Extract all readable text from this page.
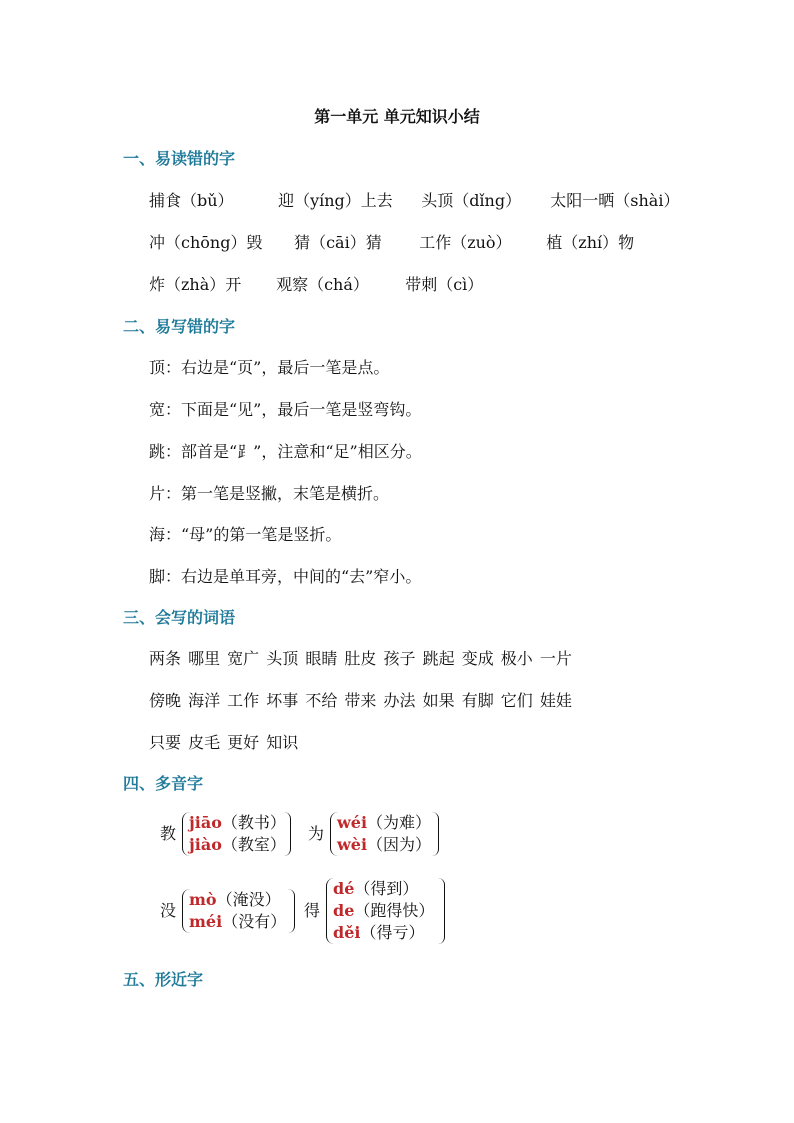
第一单元 单元知识小结
一、易读错的字
捕食（bǔ）	迎（yíng）上去 头顶（dǐng） 太阳一晒（shài）
冲（chōng）毁 猜（cāi）猜 工作（zuò） 植（zhí）物
炸（zhà）开 观察（chá） 带刺（cì）
二、易写错的字
顶：右边是“页”，最后一笔是点。
宽：下面是“见”，最后一笔是竖弯钩。
跳：部首是“⻊”，注意和“足”相区分。
片：第一笔是竖撇，末笔是横折。
海：“母”的第一笔是竖折。
脚：右边是单耳旁，中间的“去”窄小。
三、会写的词语
两条 哪里 宽广 头顶 眼睛 肚皮 孩子 跳起 变成 极小 一片
傍晚 海洋 工作 坏事 不给 带来 办法 如果 有脚 它们 娃娃
只要 皮毛 更好 知识
四、多音字
教
jiāo（教书）
jiào（教室）
为
wéi（为难）
wèi（因为）
没
mò（淹没）
méi（没有）
得
dé（得到）
de（跑得快）
děi（得亏）
五、形近字
